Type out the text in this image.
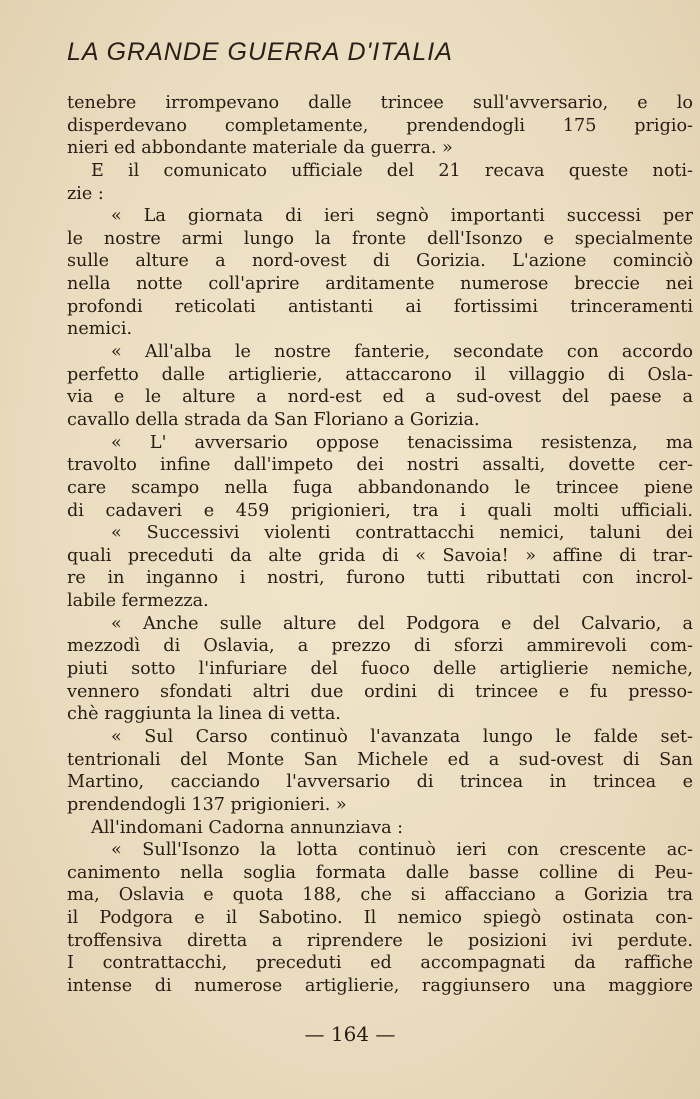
LA GRANDE GUERRA D'ITALIA
tenebre irrompevano dalle trincee sull'avversario, e lo
disperdevano completamente, prendendogli 175 prigio-
nieri ed abbondante materiale da guerra. »
E il comunicato ufficiale del 21 recava queste noti-
zie :
« La giornata di ieri segnò importanti successi per
le nostre armi lungo la fronte dell'Isonzo e specialmente
sulle alture a nord-ovest di Gorizia. L'azione cominciò
nella notte coll'aprire arditamente numerose breccie nei
profondi reticolati antistanti ai fortissimi trinceramenti
nemici.
« All'alba le nostre fanterie, secondate con accordo
perfetto dalle artiglierie, attaccarono il villaggio di Osla-
via e le alture a nord-est ed a sud-ovest del paese a
cavallo della strada da San Floriano a Gorizia.
« L' avversario oppose tenacissima resistenza, ma
travolto infine dall'impeto dei nostri assalti, dovette cer-
care scampo nella fuga abbandonando le trincee piene
di cadaveri e 459 prigionieri, tra i quali molti ufficiali.
« Successivi violenti contrattacchi nemici, taluni dei
quali preceduti da alte grida di « Savoia! » affine di trar-
re in inganno i nostri, furono tutti ributtati con incrol-
labile fermezza.
« Anche sulle alture del Podgora e del Calvario, a
mezzodì di Oslavia, a prezzo di sforzi ammirevoli com-
piuti sotto l'infuriare del fuoco delle artiglierie nemiche,
vennero sfondati altri due ordini di trincee e fu presso-
chè raggiunta la linea di vetta.
« Sul Carso continuò l'avanzata lungo le falde set-
tentrionali del Monte San Michele ed a sud-ovest di San
Martino, cacciando l'avversario di trincea in trincea e
prendendogli 137 prigionieri. »
All'indomani Cadorna annunziava :
« Sull'Isonzo la lotta continuò ieri con crescente ac-
canimento nella soglia formata dalle basse colline di Peu-
ma, Oslavia e quota 188, che si affacciano a Gorizia tra
il Podgora e il Sabotino. Il nemico spiegò ostinata con-
troffensiva diretta a riprendere le posizioni ivi perdute.
I contrattacchi, preceduti ed accompagnati da raffiche
intense di numerose artiglierie, raggiunsero una maggiore
— 164 —
